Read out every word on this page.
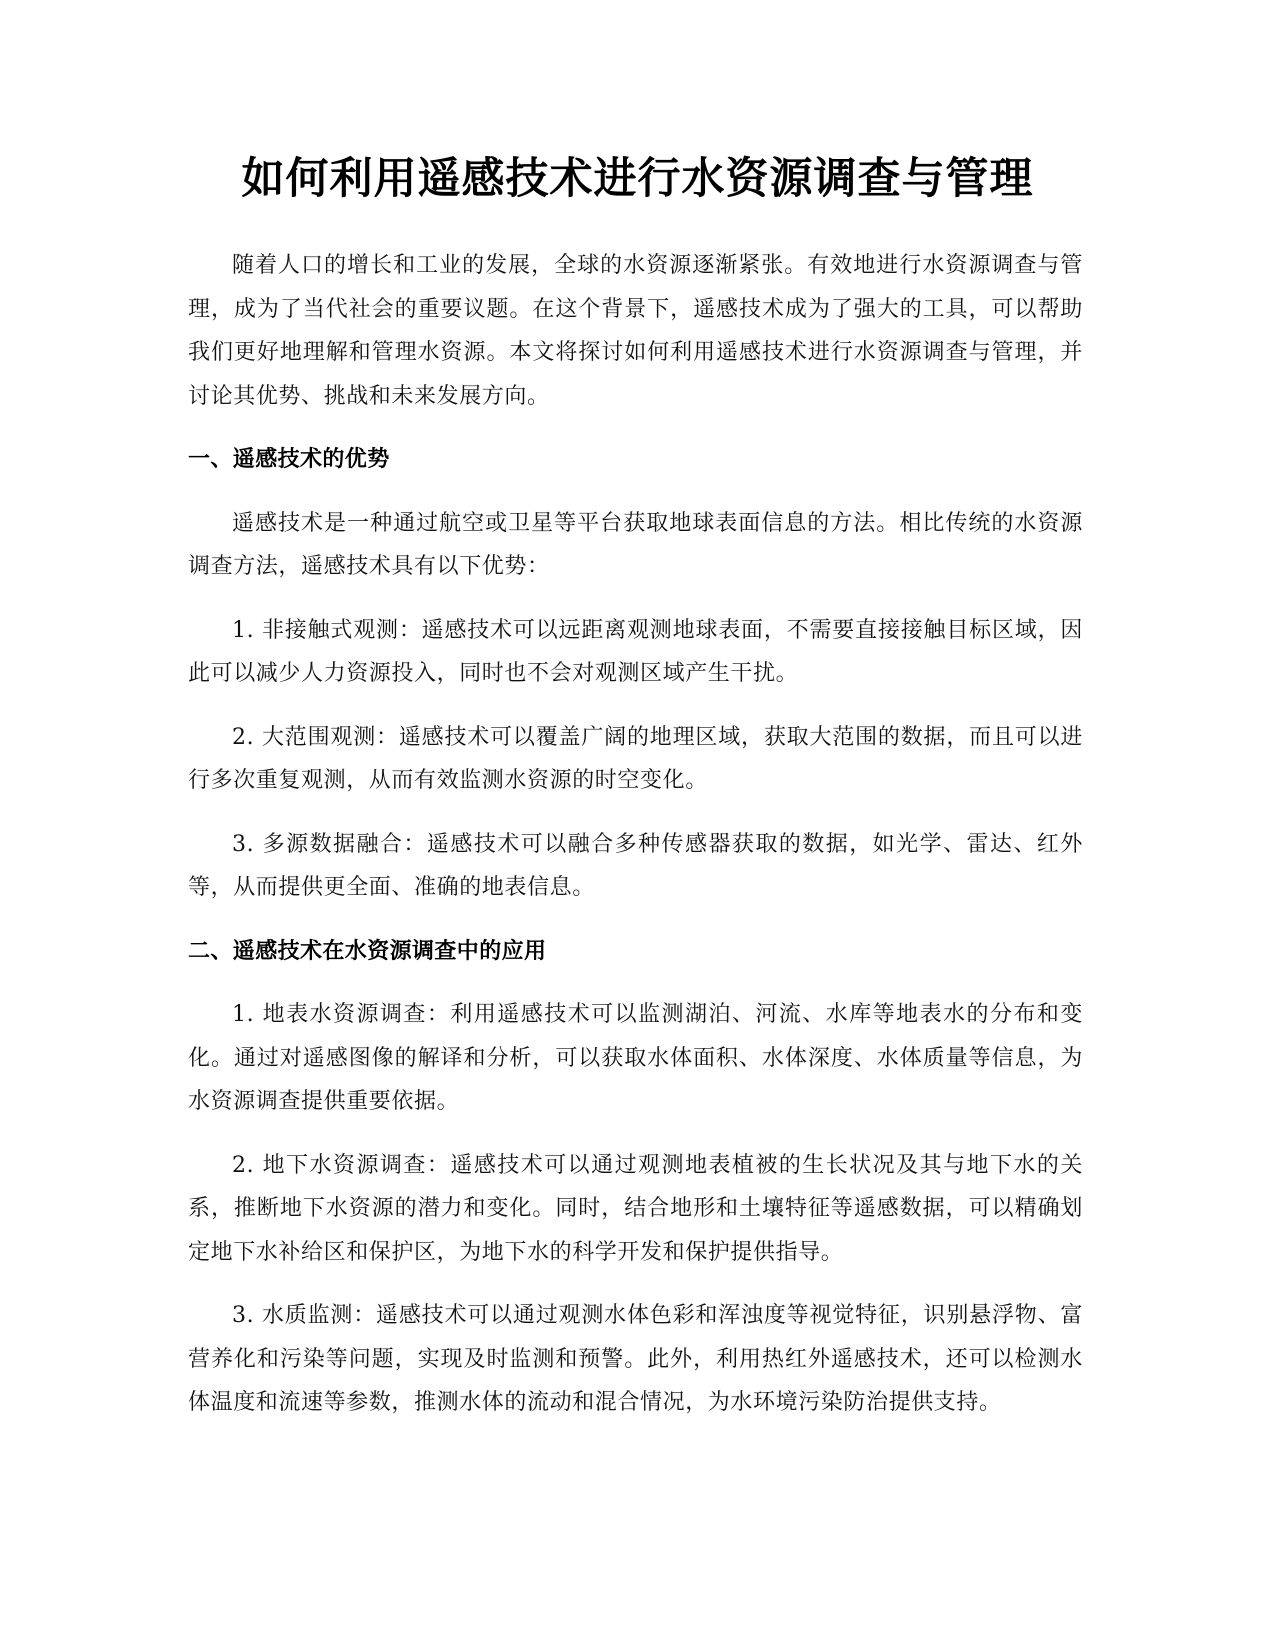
如何利用遥感技术进行水资源调查与管理

随着人口的增长和工业的发展，全球的水资源逐渐紧张。有效地进行水资源调查与管理，成为了当代社会的重要议题。在这个背景下，遥感技术成为了强大的工具，可以帮助我们更好地理解和管理水资源。本文将探讨如何利用遥感技术进行水资源调查与管理，并讨论其优势、挑战和未来发展方向。

一、遥感技术的优势

遥感技术是一种通过航空或卫星等平台获取地球表面信息的方法。相比传统的水资源调查方法，遥感技术具有以下优势：

1. 非接触式观测：遥感技术可以远距离观测地球表面，不需要直接接触目标区域，因此可以减少人力资源投入，同时也不会对观测区域产生干扰。

2. 大范围观测：遥感技术可以覆盖广阔的地理区域，获取大范围的数据，而且可以进行多次重复观测，从而有效监测水资源的时空变化。

3. 多源数据融合：遥感技术可以融合多种传感器获取的数据，如光学、雷达、红外等，从而提供更全面、准确的地表信息。

二、遥感技术在水资源调查中的应用

1. 地表水资源调查：利用遥感技术可以监测湖泊、河流、水库等地表水的分布和变化。通过对遥感图像的解译和分析，可以获取水体面积、水体深度、水体质量等信息，为水资源调查提供重要依据。

2. 地下水资源调查：遥感技术可以通过观测地表植被的生长状况及其与地下水的关系，推断地下水资源的潜力和变化。同时，结合地形和土壤特征等遥感数据，可以精确划定地下水补给区和保护区，为地下水的科学开发和保护提供指导。

3. 水质监测：遥感技术可以通过观测水体色彩和浑浊度等视觉特征，识别悬浮物、富营养化和污染等问题，实现及时监测和预警。此外，利用热红外遥感技术，还可以检测水体温度和流速等参数，推测水体的流动和混合情况，为水环境污染防治提供支持。
